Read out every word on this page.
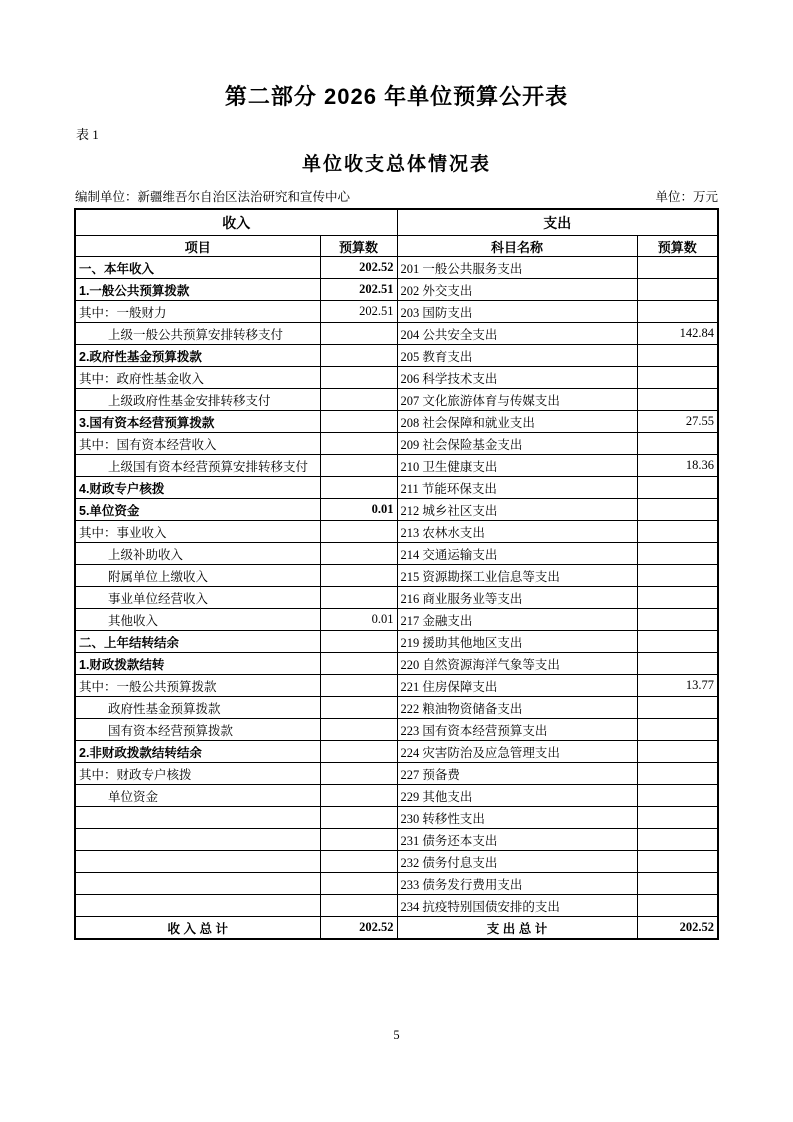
第二部分 2026 年单位预算公开表
表 1
单位收支总体情况表
编制单位：新疆维吾尔自治区法治研究和宣传中心	单位：万元
收入		支出	
项目	预算数	科目名称	预算数
一、本年收入	202.52	201 一般公共服务支出	
1.一般公共预算拨款	202.51	202 外交支出	
其中：一般财力	202.51	203 国防支出	
上级一般公共预算安排转移支付		204 公共安全支出	142.84
2.政府性基金预算拨款		205 教育支出	
其中：政府性基金收入		206 科学技术支出	
上级政府性基金安排转移支付		207 文化旅游体育与传媒支出	
3.国有资本经营预算拨款		208 社会保障和就业支出	27.55
其中：国有资本经营收入		209 社会保险基金支出	
上级国有资本经营预算安排转移支付		210 卫生健康支出	18.36
4.财政专户核拨		211 节能环保支出	
5.单位资金	0.01	212 城乡社区支出	
其中：事业收入		213 农林水支出	
上级补助收入		214 交通运输支出	
附属单位上缴收入		215 资源勘探工业信息等支出	
事业单位经营收入		216 商业服务业等支出	
其他收入	0.01	217 金融支出	
二、上年结转结余		219 援助其他地区支出	
1.财政拨款结转		220 自然资源海洋气象等支出	
其中：一般公共预算拨款		221 住房保障支出	13.77
政府性基金预算拨款		222 粮油物资储备支出	
国有资本经营预算拨款		223 国有资本经营预算支出	
2.非财政拨款结转结余		224 灾害防治及应急管理支出	
其中：财政专户核拨		227 预备费	
单位资金		229 其他支出	
		230 转移性支出	
		231 债务还本支出	
		232 债务付息支出	
		233 债务发行费用支出	
		234 抗疫特别国债安排的支出	
收 入 总 计	202.52	支 出 总 计	202.52
5
